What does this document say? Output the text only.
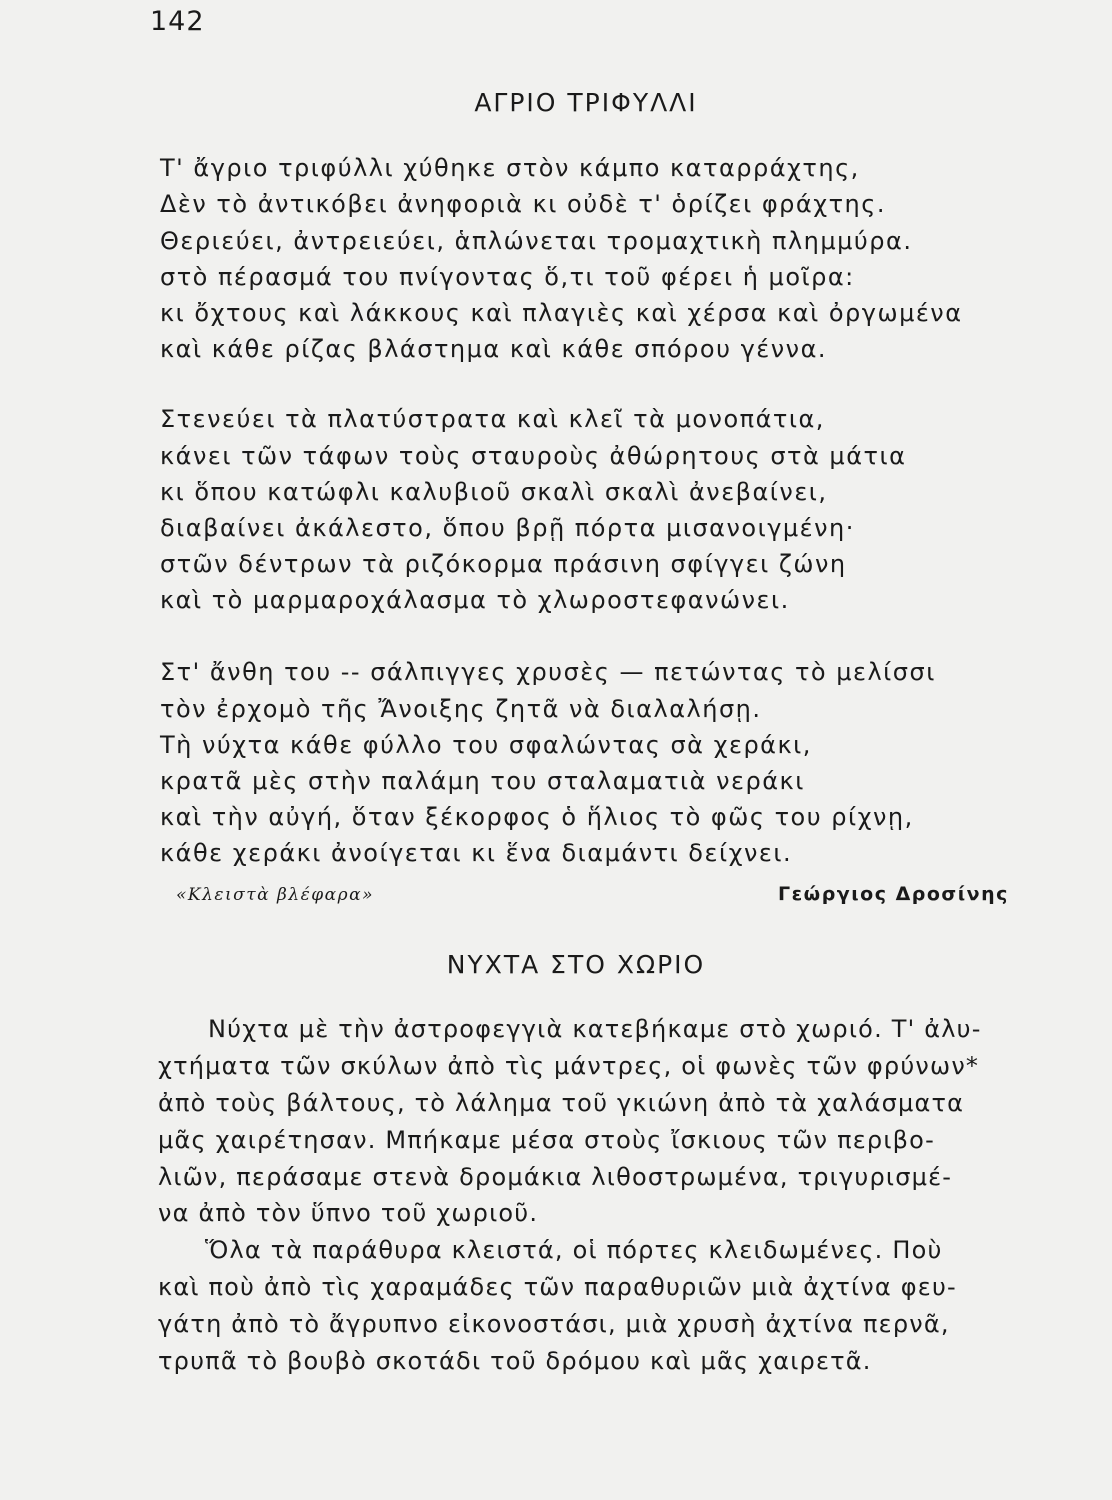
142
ΑΓΡΙΟ ΤΡΙΦΥΛΛΙ
Τ' ἄγριο τριφύλλι χύθηκε στὸν κάμπο καταρράχτης,
Δὲν τὸ ἀντικόβει ἀνηφοριὰ κι οὐδὲ τ' ὁρίζει φράχτης.
Θεριεύει, ἀντρειεύει, ἁπλώνεται τρομαχτικὴ πλημμύρα.
στὸ πέρασμά του πνίγοντας ὅ,τι τοῦ φέρει ἡ μοῖρα:
κι ὄχτους καὶ λάκκους καὶ πλαγιὲς καὶ χέρσα καὶ ὀργωμένα
καὶ κάθε ρίζας βλάστημα καὶ κάθε σπόρου γέννα.
Στενεύει τὰ πλατύστρατα καὶ κλεῖ τὰ μονοπάτια,
κάνει τῶν τάφων τοὺς σταυροὺς ἀθώρητους στὰ μάτια
κι ὅπου κατώφλι καλυβιοῦ σκαλὶ σκαλὶ ἀνεβαίνει,
διαβαίνει ἀκάλεστο, ὅπου βρῇ πόρτα μισανοιγμένη·
στῶν δέντρων τὰ ριζόκορμα πράσινη σφίγγει ζώνη
καὶ τὸ μαρμαροχάλασμα τὸ χλωροστεφανώνει.
Στ' ἄνθη του -- σάλπιγγες χρυσὲς — πετώντας τὸ μελίσσι
τὸν ἐρχομὸ τῆς Ἄνοιξης ζητᾶ νὰ διαλαλήσῃ.
Τὴ νύχτα κάθε φύλλο του σφαλώντας σὰ χεράκι,
κρατᾶ μὲς στὴν παλάμη του σταλαματιὰ νεράκι
καὶ τὴν αὐγή, ὅταν ξέκορφος ὁ ἥλιος τὸ φῶς του ρίχνῃ,
κάθε χεράκι ἀνοίγεται κι ἕνα διαμάντι δείχνει.
«Κλειστὰ βλέφαρα»	Γεώργιος Δροσίνης
ΝΥΧΤΑ ΣΤΟ ΧΩΡΙΟ
Νύχτα μὲ τὴν ἀστροφεγγιὰ κατεβήκαμε στὸ χωριό. Τ' ἀλυ-
χτήματα τῶν σκύλων ἀπὸ τὶς μάντρες, οἱ φωνὲς τῶν φρύνων*
ἀπὸ τοὺς βάλτους, τὸ λάλημα τοῦ γκιώνη ἀπὸ τὰ χαλάσματα
μᾶς χαιρέτησαν. Μπήκαμε μέσα στοὺς ἴσκιους τῶν περιβο-
λιῶν, περάσαμε στενὰ δρομάκια λιθοστρωμένα, τριγυρισμέ-
να ἀπὸ τὸν ὕπνο τοῦ χωριοῦ.
Ὅλα τὰ παράθυρα κλειστά, οἱ πόρτες κλειδωμένες. Ποὺ
καὶ ποὺ ἀπὸ τὶς χαραμάδες τῶν παραθυριῶν μιὰ ἀχτίνα φευ-
γάτη ἀπὸ τὸ ἄγρυπνο εἰκονοστάσι, μιὰ χρυσὴ ἀχτίνα περνᾶ,
τρυπᾶ τὸ βουβὸ σκοτάδι τοῦ δρόμου καὶ μᾶς χαιρετᾶ.
